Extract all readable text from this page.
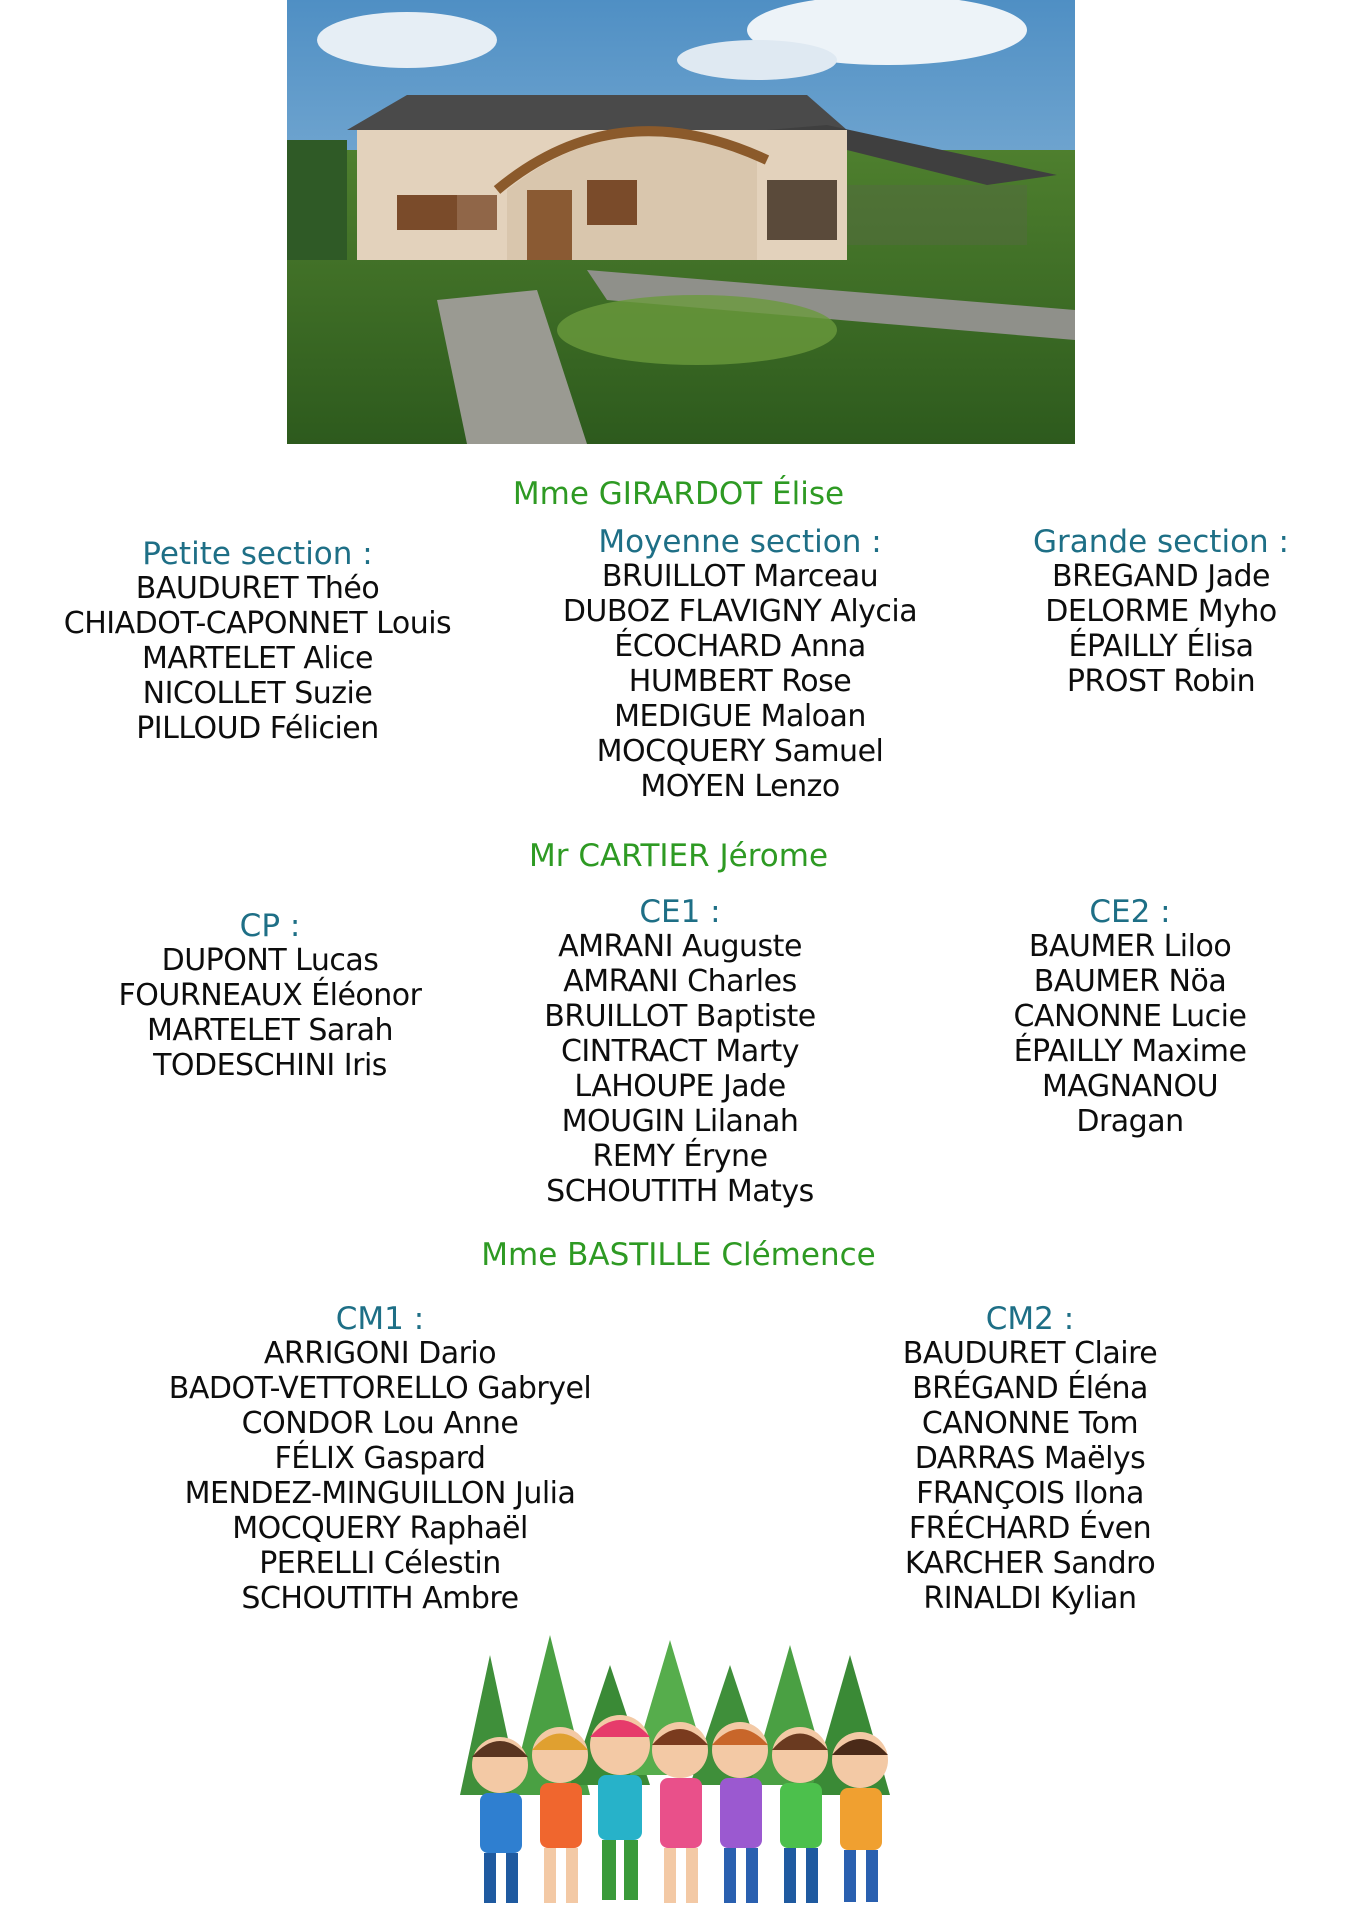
Mme GIRARDOT Élise
Petite section :
BAUDURET Théo
CHIADOT-CAPONNET Louis
MARTELET Alice
NICOLLET Suzie
PILLOUD Félicien
Moyenne section :
BRUILLOT Marceau
DUBOZ FLAVIGNY Alycia
ÉCOCHARD Anna
HUMBERT Rose
MEDIGUE Maloan
MOCQUERY Samuel
MOYEN Lenzo
Grande section :
BREGAND Jade
DELORME Myho
ÉPAILLY Élisa
PROST Robin
Mr CARTIER Jérome
CP :
DUPONT Lucas
FOURNEAUX Éléonor
MARTELET Sarah
TODESCHINI Iris
CE1 :
AMRANI Auguste
AMRANI Charles
BRUILLOT Baptiste
CINTRACT Marty
LAHOUPE Jade
MOUGIN Lilanah
REMY Éryne
SCHOUTITH Matys
CE2 :
BAUMER Liloo
BAUMER Nöa
CANONNE Lucie
ÉPAILLY Maxime
MAGNANOU
Dragan
Mme BASTILLE Clémence
CM1 :
ARRIGONI Dario
BADOT-VETTORELLO Gabryel
CONDOR Lou Anne
FÉLIX Gaspard
MENDEZ-MINGUILLON Julia
MOCQUERY Raphaël
PERELLI Célestin
SCHOUTITH Ambre
CM2 :
BAUDURET Claire
BRÉGAND Éléna
CANONNE Tom
DARRAS Maëlys
FRANÇOIS Ilona
FRÉCHARD Éven
KARCHER Sandro
RINALDI Kylian
